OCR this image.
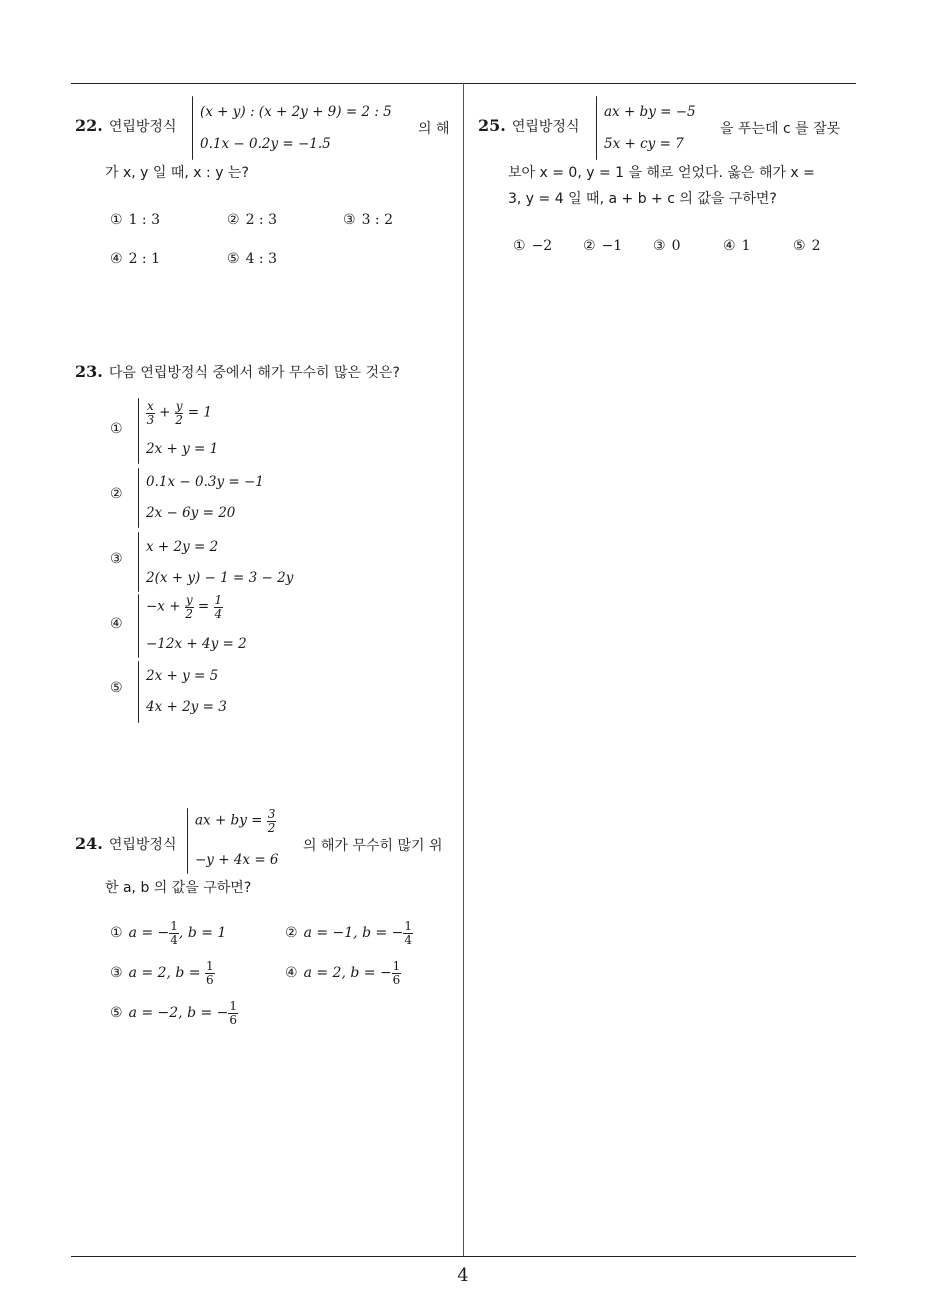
22. 연립방정식
(x + y) : (x + 2y + 9) = 2 : 5
0.1x − 0.2y = −1.5
의 해
가 x, y 일 때, x : y 는?
① 1 : 3	② 2 : 3	③ 3 : 2
④ 2 : 1	⑤ 4 : 3
23. 다음 연립방정식 중에서 해가 무수히 많은 것은?
①
$\frac{x}{3} + \frac{y}{2} = 1$
2x + y = 1
②
0.1x − 0.3y = −1
2x − 6y = 20
③
x + 2y = 2
2(x + y) − 1 = 3 − 2y
④
$-x + \frac{y}{2} = \frac{1}{4}$
−12x + 4y = 2
⑤
2x + y = 5
4x + 2y = 3
24. 연립방정식
ax + by = $\frac{3}{2}$
−y + 4x = 6
의 해가 무수히 많기 위
한 a, b 의 값을 구하면?
① a = − $\frac{1}{4}$ , b = 1	② a = −1, b = − $\frac{1}{4}$
③ a = 2, $b = \frac{1}{6}$	④ a = 2, b = − $\frac{1}{6}$
⑤ a = −2, b = − $\frac{1}{6}$
25. 연립방정식
ax + by = −5
5x + cy = 7
을 푸는데 c 를 잘못
보아 x = 0, y = 1 을 해로 얻었다. 옳은 해가 x =
3, y = 4 일 때, a + b + c 의 값을 구하면?
① −2 ② −1 ③ 0	④ 1	⑤ 2
4
